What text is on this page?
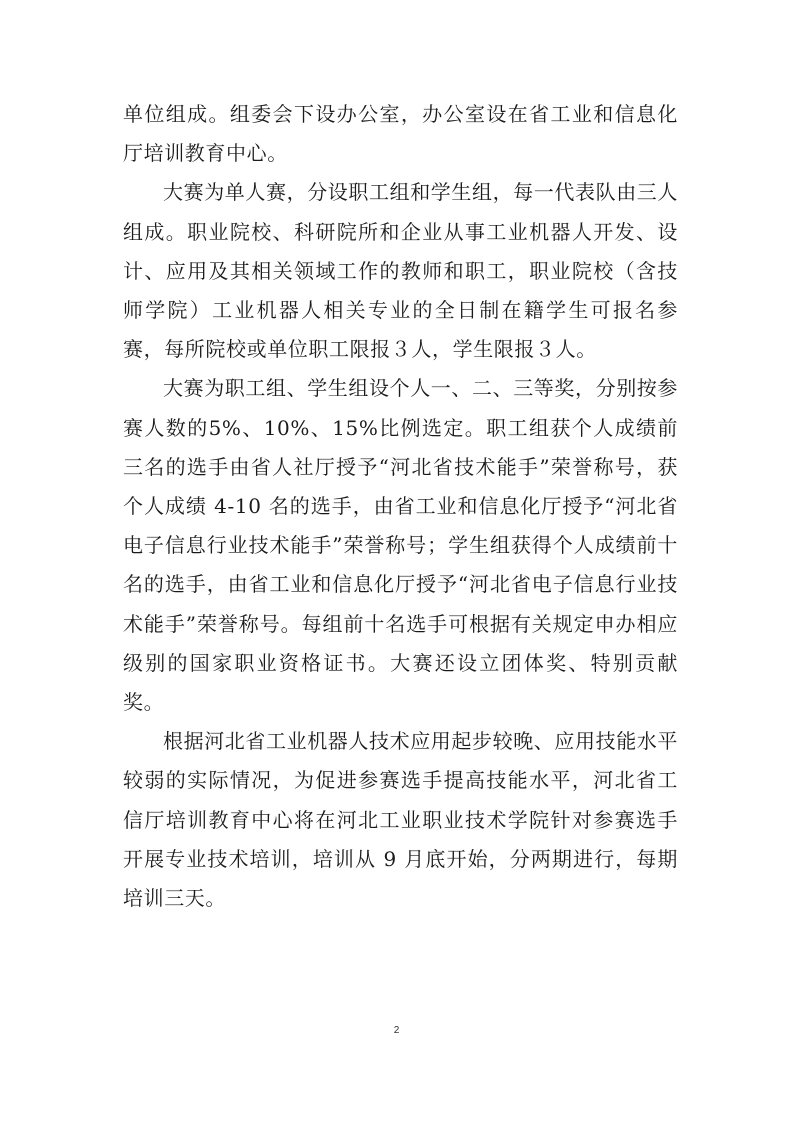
单位组成。组委会下设办公室，办公室设在省工业和信息化厅培训教育中心。

大赛为单人赛，分设职工组和学生组，每一代表队由三人组成。职业院校、科研院所和企业从事工业机器人开发、设计、应用及其相关领域工作的教师和职工，职业院校（含技师学院）工业机器人相关专业的全日制在籍学生可报名参赛，每所院校或单位职工限报３人，学生限报３人。

大赛为职工组、学生组设个人一、二、三等奖，分别按参赛人数的5%、10%、15%比例选定。职工组获个人成绩前三名的选手由省人社厅授予“河北省技术能手”荣誉称号，获个人成绩 4-10 名的选手，由省工业和信息化厅授予“河北省电子信息行业技术能手”荣誉称号；学生组获得个人成绩前十名的选手，由省工业和信息化厅授予“河北省电子信息行业技术能手”荣誉称号。每组前十名选手可根据有关规定申办相应级别的国家职业资格证书。大赛还设立团体奖、特别贡献奖。

根据河北省工业机器人技术应用起步较晚、应用技能水平较弱的实际情况，为促进参赛选手提高技能水平，河北省工信厅培训教育中心将在河北工业职业技术学院针对参赛选手开展专业技术培训，培训从 9 月底开始，分两期进行，每期培训三天。

2
